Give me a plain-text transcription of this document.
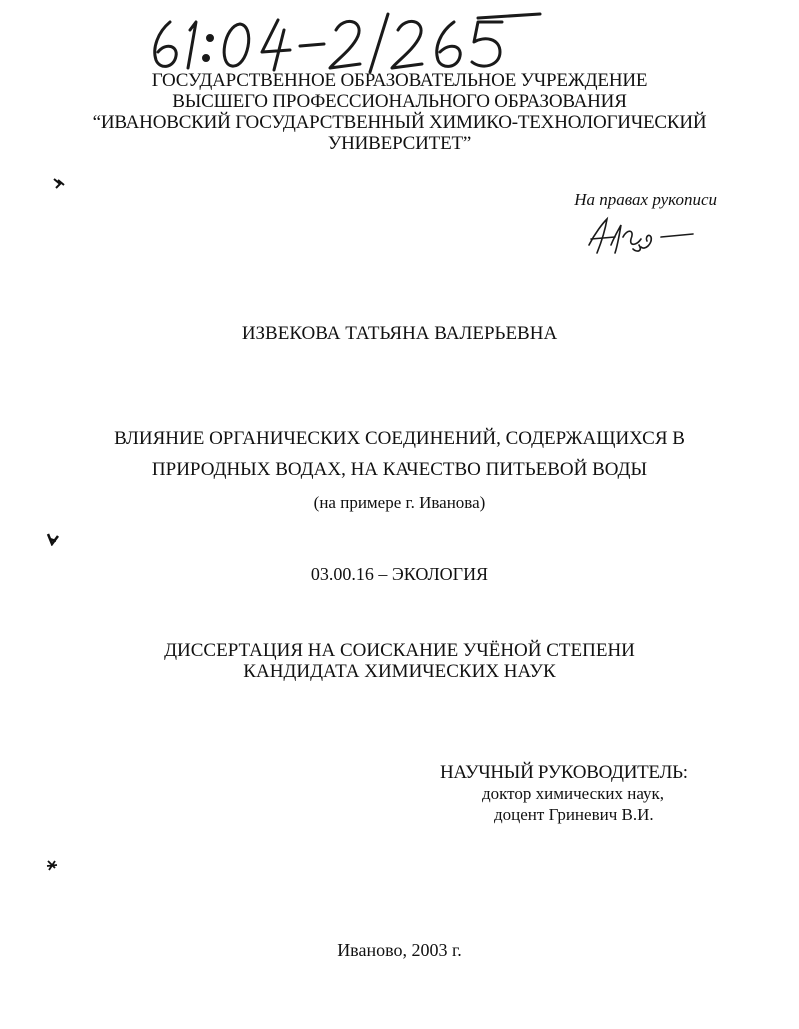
ГОСУДАРСТВЕННОЕ ОБРАЗОВАТЕЛЬНОЕ УЧРЕЖДЕНИЕ
ВЫСШЕГО ПРОФЕССИОНАЛЬНОГО ОБРАЗОВАНИЯ
“ИВАНОВСКИЙ ГОСУДАРСТВЕННЫЙ ХИМИКО-ТЕХНОЛОГИЧЕСКИЙ
УНИВЕРСИТЕТ”
На правах рукописи
ИЗВЕКОВА ТАТЬЯНА ВАЛЕРЬЕВНА
ВЛИЯНИЕ ОРГАНИЧЕСКИХ СОЕДИНЕНИЙ, СОДЕРЖАЩИХСЯ В
ПРИРОДНЫХ ВОДАХ, НА КАЧЕСТВО ПИТЬЕВОЙ ВОДЫ
(на примере г. Иванова)
03.00.16 – ЭКОЛОГИЯ
ДИССЕРТАЦИЯ НА СОИСКАНИЕ УЧЁНОЙ СТЕПЕНИ
КАНДИДАТА ХИМИЧЕСКИХ НАУК
НАУЧНЫЙ РУКОВОДИТЕЛЬ:
доктор химических наук,
доцент Гриневич В.И.
Иваново, 2003 г.
